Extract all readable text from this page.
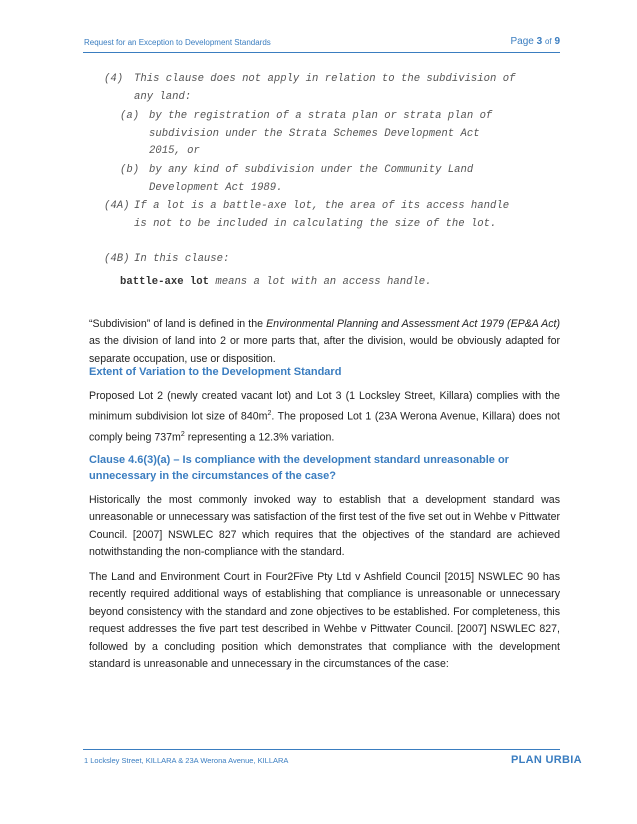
Request for an Exception to Development Standards	Page 3 of 9
(4) This clause does not apply in relation to the subdivision of any land:
(a) by the registration of a strata plan or strata plan of subdivision under the Strata Schemes Development Act 2015, or
(b) by any kind of subdivision under the Community Land Development Act 1989.
(4A) If a lot is a battle-axe lot, the area of its access handle is not to be included in calculating the size of the lot.
(4B) In this clause:
battle-axe lot means a lot with an access handle.
“Subdivision” of land is defined in the Environmental Planning and Assessment Act 1979 (EP&A Act) as the division of land into 2 or more parts that, after the division, would be obviously adapted for separate occupation, use or disposition.
Extent of Variation to the Development Standard
Proposed Lot 2 (newly created vacant lot) and Lot 3 (1 Locksley Street, Killara) complies with the minimum subdivision lot size of $840m^2$. The proposed Lot 1 (23A Werona Avenue, Killara) does not comply being $737m^2$ representing a 12.3% variation.
Clause 4.6(3)(a) – Is compliance with the development standard unreasonable or unnecessary in the circumstances of the case?
Historically the most commonly invoked way to establish that a development standard was unreasonable or unnecessary was satisfaction of the first test of the five set out in Wehbe v Pittwater Council. [2007] NSWLEC 827 which requires that the objectives of the standard are achieved notwithstanding the non-compliance with the standard.
The Land and Environment Court in Four2Five Pty Ltd v Ashfield Council [2015] NSWLEC 90 has recently required additional ways of establishing that compliance is unreasonable or unnecessary beyond consistency with the standard and zone objectives to be established. For completeness, this request addresses the five part test described in Wehbe v Pittwater Council. [2007] NSWLEC 827, followed by a concluding position which demonstrates that compliance with the development standard is unreasonable and unnecessary in the circumstances of the case:
1 Locksley Street, KILLARA & 23A Werona Avenue, KILLARA	PLAN URBIA
